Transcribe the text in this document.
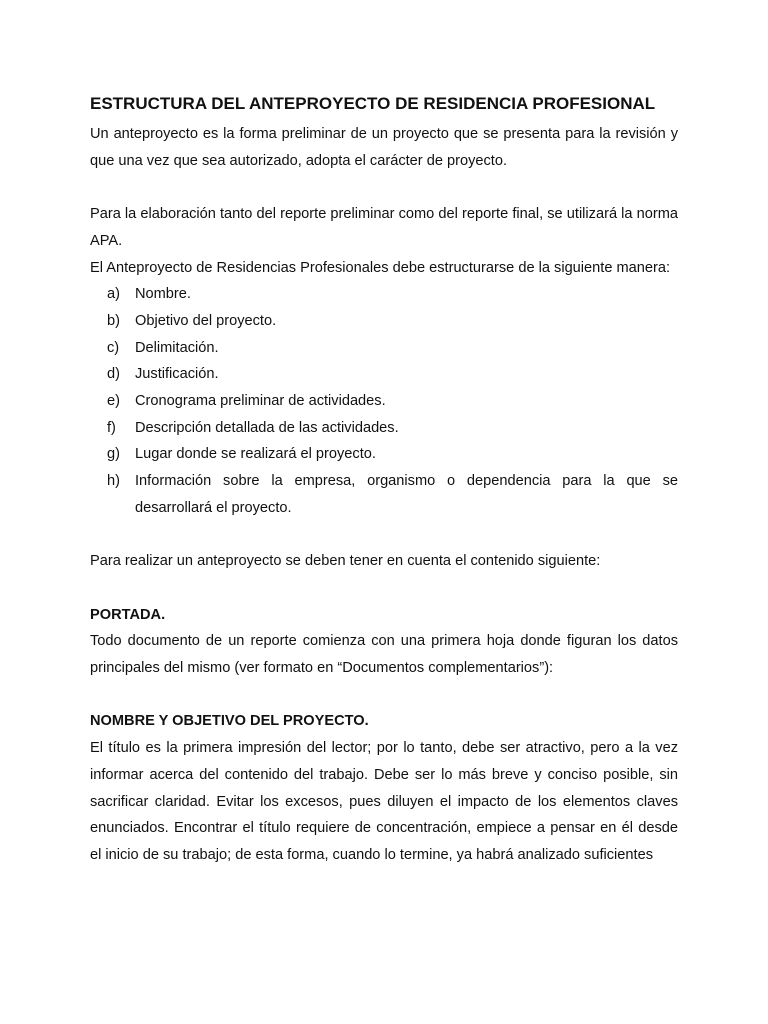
ESTRUCTURA DEL ANTEPROYECTO DE RESIDENCIA PROFESIONAL

Un anteproyecto es la forma preliminar de un proyecto que se presenta para la revisión y que una vez que sea autorizado, adopta el carácter de proyecto.

Para la elaboración tanto del reporte preliminar como del reporte final, se utilizará la norma APA.

El Anteproyecto de Residencias Profesionales debe estructurarse de la siguiente manera:

a) Nombre.
b) Objetivo del proyecto.
c) Delimitación.
d) Justificación.
e) Cronograma preliminar de actividades.
f) Descripción detallada de las actividades.
g) Lugar donde se realizará el proyecto.
h) Información sobre la empresa, organismo o dependencia para la que se desarrollará el proyecto.

Para realizar un anteproyecto se deben tener en cuenta el contenido siguiente:

PORTADA.

Todo documento de un reporte comienza con una primera hoja donde figuran los datos principales del mismo (ver formato en “Documentos complementarios”):

NOMBRE Y OBJETIVO DEL PROYECTO.

El título es la primera impresión del lector; por lo tanto, debe ser atractivo, pero a la vez informar acerca del contenido del trabajo. Debe ser lo más breve y conciso posible, sin sacrificar claridad. Evitar los excesos, pues diluyen el impacto de los elementos claves enunciados. Encontrar el título requiere de concentración, empiece a pensar en él desde el inicio de su trabajo; de esta forma, cuando lo termine, ya habrá analizado suficientes
